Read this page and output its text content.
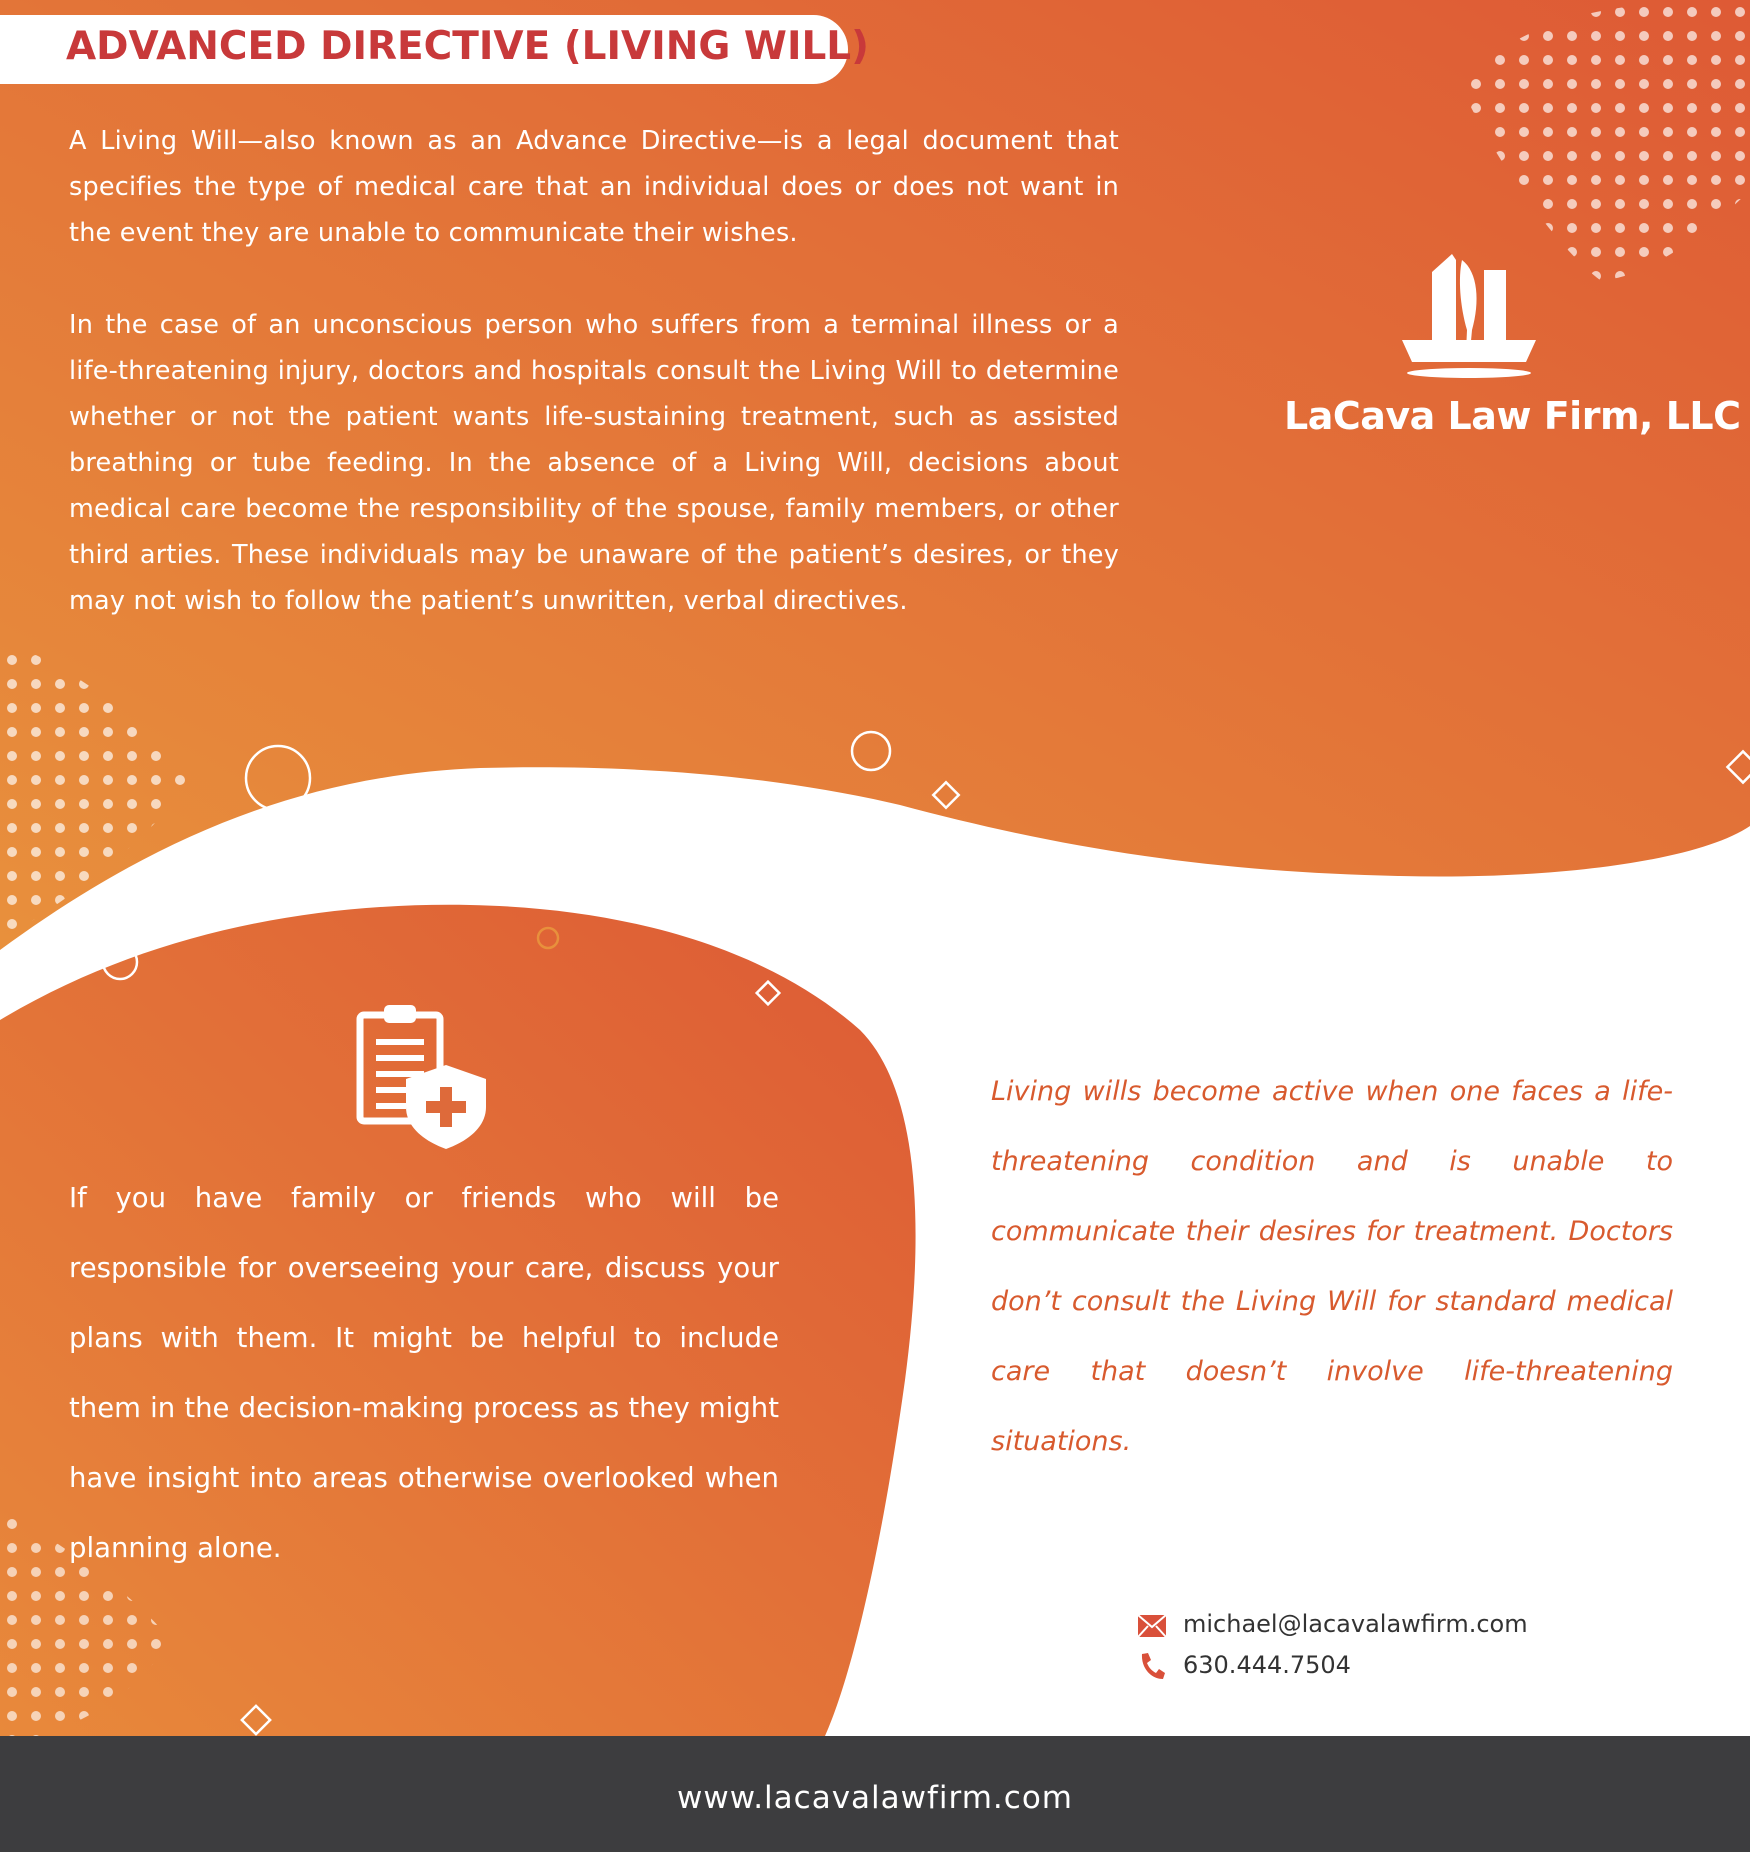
ADVANCED DIRECTIVE (LIVING WILL)

A Living Will—also known as an Advance Directive—is a legal document that specifies the type of medical care that an individual does or does not want in the event they are unable to communicate their wishes.

In the case of an unconscious person who suffers from a terminal illness or a life-threatening injury, doctors and hospitals consult the Living Will to determine whether or not the patient wants life-sustaining treatment, such as assisted breathing or tube feeding. In the absence of a Living Will, decisions about medical care become the responsibility of the spouse, family members, or other third arties. These individuals may be unaware of the patient’s desires, or they may not wish to follow the patient’s unwritten, verbal directives.

LaCava Law Firm, LLC

If you have family or friends who will be responsible for overseeing your care, discuss your plans with them. It might be helpful to include them in the decision-making process as they might have insight into areas otherwise overlooked when planning alone.

Living wills become active when one faces a life-threatening condition and is unable to communicate their desires for treatment. Doctors don’t consult the Living Will for standard medical care that doesn’t involve life-threatening situations.

michael@lacavalawfirm.com
630.444.7504
www.lacavalawfirm.com
